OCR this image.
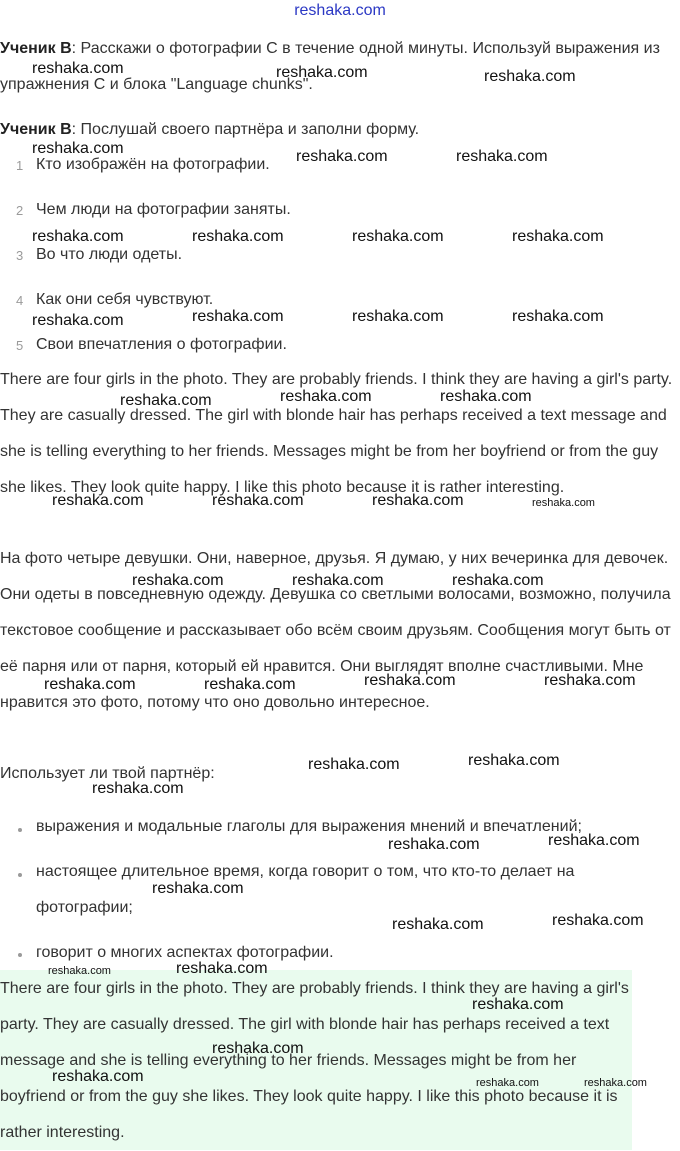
reshaka.com

Ученик B: Расскажи о фотографии C в течение одной минуты. Используй выражения из упражнения C и блока "Language chunks".

Ученик B: Послушай своего партнёра и заполни форму.

1 Кто изображён на фотографии.
2 Чем люди на фотографии заняты.
3 Во что люди одеты.
4 Как они себя чувствуют.
5 Свои впечатления о фотографии.

There are four girls in the photo. They are probably friends. I think they are having a girl's party. They are casually dressed. The girl with blonde hair has perhaps received a text message and she is telling everything to her friends. Messages might be from her boyfriend or from the guy she likes. They look quite happy. I like this photo because it is rather interesting.

На фото четыре девушки. Они, наверное, друзья. Я думаю, у них вечеринка для девочек. Они одеты в повседневную одежду. Девушка со светлыми волосами, возможно, получила текстовое сообщение и рассказывает обо всём своим друзьям. Сообщения могут быть от её парня или от парня, который ей нравится. Они выглядят вполне счастливыми. Мне нравится это фото, потому что оно довольно интересное.

Использует ли твой партнёр:

выражения и модальные глаголы для выражения мнений и впечатлений;
настоящее длительное время, когда говорит о том, что кто-то делает на фотографии;
говорит о многих аспектах фотографии.

There are four girls in the photo. They are probably friends. I think they are having a girl's party. They are casually dressed. The girl with blonde hair has perhaps received a text message and she is telling everything to her friends. Messages might be from her boyfriend or from the guy she likes. They look quite happy. I like this photo because it is rather interesting.

reshaka.com	reshaka.com	reshaka.com
reshaka.com	reshaka.com	reshaka.com
reshaka.com	reshaka.com	reshaka.com	reshaka.com
reshaka.com	reshaka.com	reshaka.com	reshaka.com
reshaka.com	reshaka.com	reshaka.com
reshaka.com	reshaka.com	reshaka.com	reshaka.com
reshaka.com	reshaka.com	reshaka.com
reshaka.com	reshaka.com	reshaka.com	reshaka.com
reshaka.com	reshaka.com
reshaka.com
reshaka.com	reshaka.com
reshaka.com
reshaka.com	reshaka.com
reshaka.com	reshaka.com
reshaka.com
reshaka.com
reshaka.com	reshaka.com	reshaka.com
